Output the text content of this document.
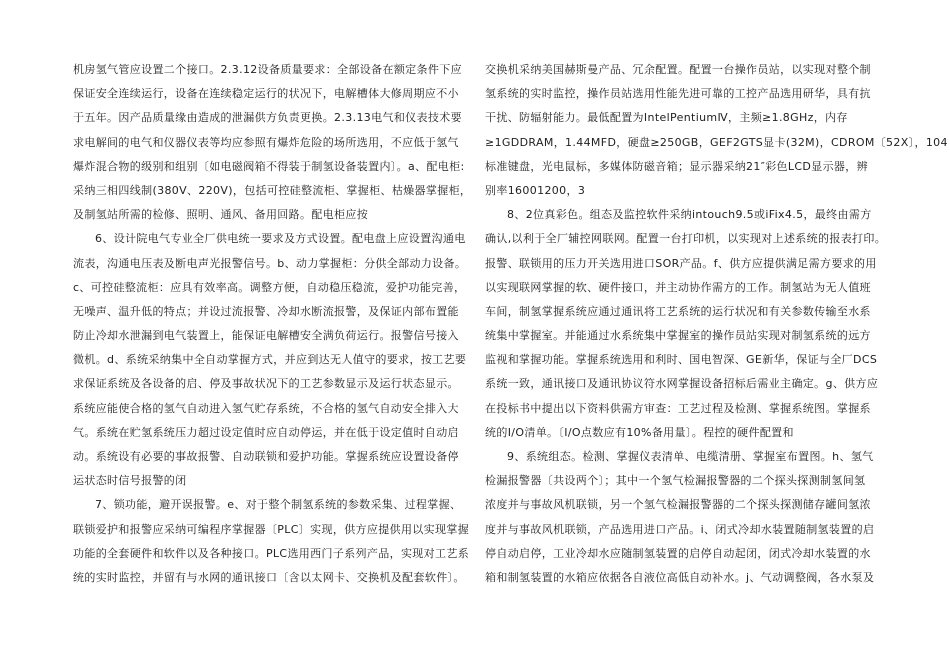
机房氢气管应设置二个接口。2.3.12设备质量要求：全部设备在额定条件下应
保证安全连续运行，设备在连续稳定运行的状况下，电解槽体大修周期应不小
于五年。因产品质量缘由造成的泄漏供方负责更换。2.3.13电气和仪表技术要
求电解间的电气和仪器仪表等均应参照有爆炸危险的场所选用，不应低于氢气
爆炸混合物的级别和组别〔如电磁阀箱不得装于制氢设备装置内〕。a、配电柜:
采纳三相四线制(380V、220V)，包括可控硅整流柜、掌握柜、枯燥器掌握柜，
及制氢站所需的检修、照明、通风、备用回路。配电柜应按
6、设计院电气专业全厂供电统一要求及方式设置。配电盘上应设置沟通电
流表，沟通电压表及断电声光报警信号。b、动力掌握柜：分供全部动力设备。
c、可控硅整流柜：应具有效率高。调整方便，自动稳压稳流，爱护功能完善，
无噪声、温升低的特点；并设过流报警、冷却水断流报警，及保证内部布置能
防止冷却水泄漏到电气装置上，能保证电解槽安全满负荷运行。报警信号接入
微机。d、系统采纳集中全自动掌握方式，并应到达无人值守的要求，按工艺要
求保证系统及各设备的启、停及事故状况下的工艺参数显示及运行状态显示。
系统应能使合格的氢气自动进入氢气贮存系统，不合格的氢气自动安全排入大
气。系统在贮氢系统压力超过设定值时应自动停运，并在低于设定值时自动启
动。系统设有必要的事故报警、自动联锁和爱护功能。掌握系统应设置设备停
运状态时信号报警的闭
7、锁功能，避开误报警。e、对于整个制氢系统的参数采集、过程掌握、
联锁爱护和报警应采纳可编程序掌握器〔PLC〕实现，供方应提供用以实现掌握
功能的全套硬件和软件以及各种接口。PLC选用西门子系列产品，实现对工艺系
统的实时监控，并留有与水网的通讯接口〔含以太网卡、交换机及配套软件〕。
交换机采纳美国赫斯曼产品、冗余配置。配置一台操作员站，以实现对整个制
氢系统的实时监控，操作员站选用性能先进可靠的工控产品选用研华，具有抗
干扰、防辐射能力。最低配置为IntelPentiumⅣ，主频≥1.8GHz，内存
≥1GDDRAM，1.44MFD，硬盘≥250GB，GEF2GTS显卡(32M)，CDROM〔52X〕，104
标准键盘，光电鼠标，多媒体防磁音箱；显示器采纳21″彩色LCD显示器，辨
别率16001200，3
8、2位真彩色。组态及监控软件采纳intouch9.5或iFix4.5，最终由需方
确认,以利于全厂辅控网联网。配置一台打印机，以实现对上述系统的报表打印。
报警、联锁用的压力开关选用进口SOR产品。f、供方应提供满足需方要求的用
以实现联网掌握的软、硬件接口，并主动协作需方的工作。制氢站为无人值班
车间，制氢掌握系统应通过通讯将工艺系统的运行状况和有关参数传输至水系
统集中掌握室。并能通过水系统集中掌握室的操作员站实现对制氢系统的远方
监视和掌握功能。掌握系统选用和利时、国电智深、GE新华，保证与全厂DCS
系统一致，通讯接口及通讯协议符水网掌握设备招标后需业主确定。g、供方应
在投标书中提出以下资料供需方审查：工艺过程及检测、掌握系统图。掌握系
统的I/O清单。〔I/O点数应有10%备用量〕。程控的硬件配置和
9、系统组态。检测、掌握仪表清单、电缆清册、掌握室布置图。h、氢气
检漏报警器〔共设两个〕；其中一个氢气检漏报警器的二个探头探测制氢间氢
浓度并与事故风机联锁，另一个氢气检漏报警器的二个探头探测储存罐间氢浓
度并与事故风机联锁，产品选用进口产品。i、闭式冷却水装置随制氢装置的启
停自动启停，工业冷却水应随制氢装置的启停自动起闭，闭式冷却水装置的水
箱和制氢装置的水箱应依据各自液位高低自动补水。j、气动调整阀，各水泵及
